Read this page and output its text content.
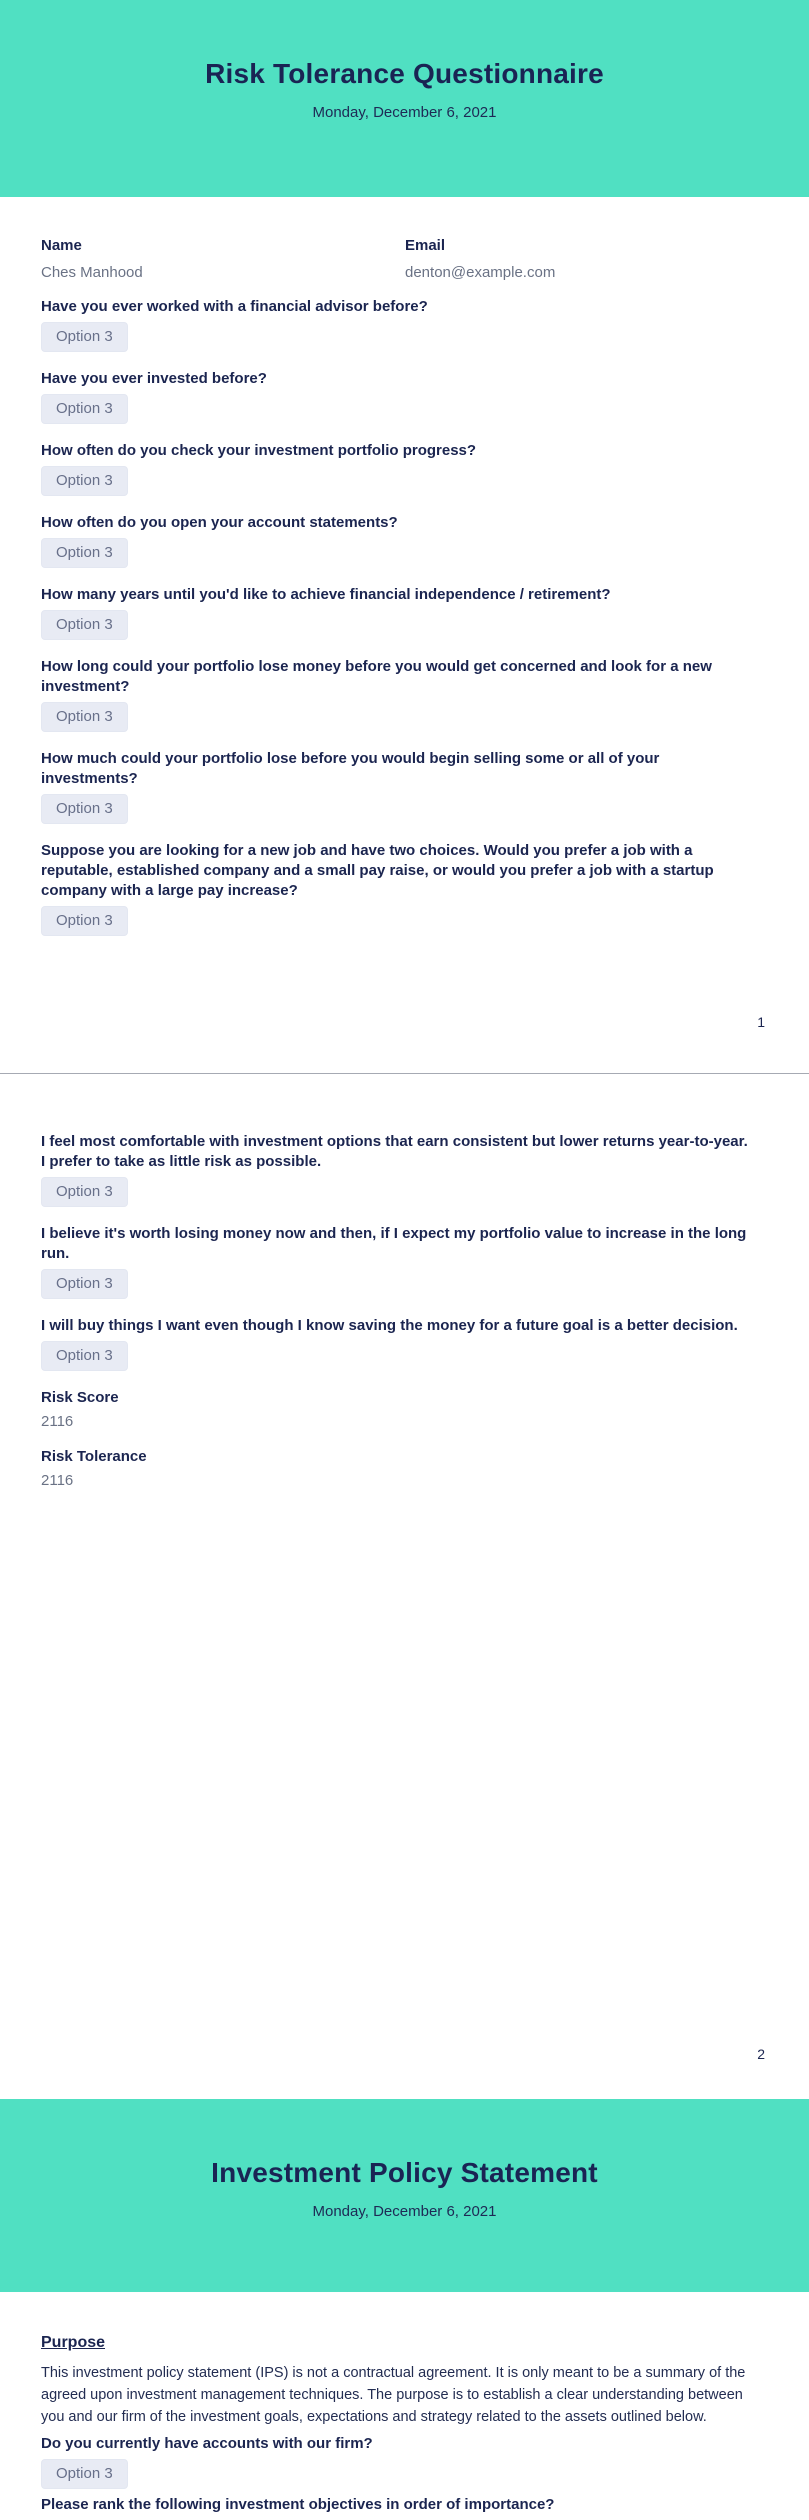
Risk Tolerance Questionnaire

Monday, December 6, 2021

Name

Ches Manhood

Email

denton@example.com

Have you ever worked with a financial advisor before?

Option 3

Have you ever invested before?

Option 3

How often do you check your investment portfolio progress?

Option 3

How often do you open your account statements?

Option 3

How many years until you'd like to achieve financial independence / retirement?

Option 3

How long could your portfolio lose money before you would get concerned and look for a new investment?

Option 3

How much could your portfolio lose before you would begin selling some or all of your investments?

Option 3

Suppose you are looking for a new job and have two choices. Would you prefer a job with a reputable, established company and a small pay raise, or would you prefer a job with a startup company with a large pay increase?

Option 3
1

I feel most comfortable with investment options that earn consistent but lower returns year-to-year. I prefer to take as little risk as possible.

Option 3

I believe it's worth losing money now and then, if I expect my portfolio value to increase in the long run.

Option 3

I will buy things I want even though I know saving the money for a future goal is a better decision.

Option 3

Risk Score

2116

Risk Tolerance

2116

2
Investment Policy Statement

Monday, December 6, 2021

Purpose

This investment policy statement (IPS) is not a contractual agreement. It is only meant to be a summary of the agreed upon investment management techniques. The purpose is to establish a clear understanding between you and our firm of the investment goals, expectations and strategy related to the assets outlined below.

Do you currently have accounts with our firm?

Option 3

Please rank the following investment objectives in order of importance?
